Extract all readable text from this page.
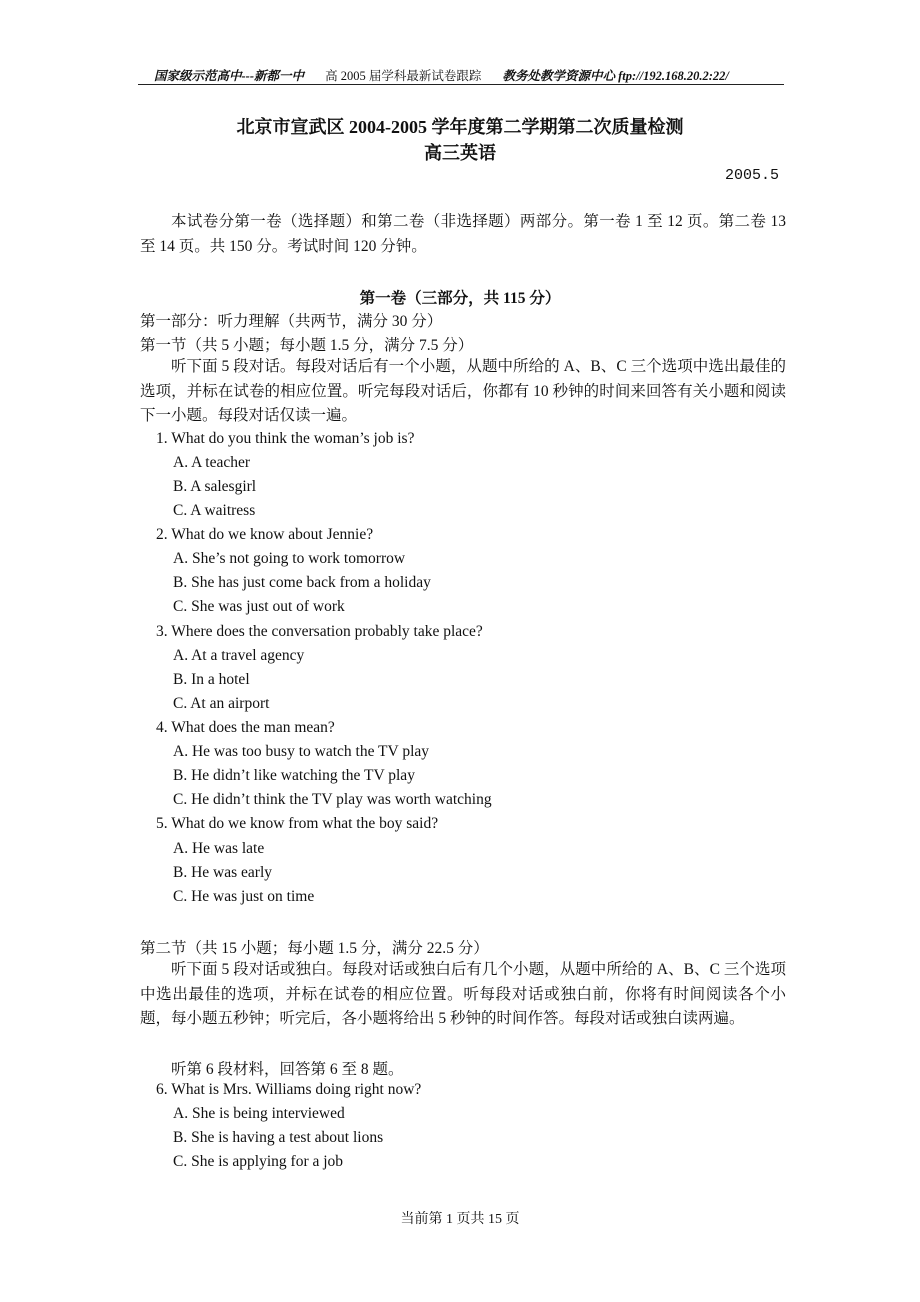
国家级示范高中---新都一中 高 2005 届学科最新试卷跟踪 教务处教学资源中心 ftp://192.168.20.2:22/
北京市宣武区 2004-2005 学年度第二学期第二次质量检测
高三英语
2005.5
本试卷分第一卷（选择题）和第二卷（非选择题）两部分。第一卷 1 至 12 页。第二卷 13 至 14 页。共 150 分。考试时间 120 分钟。
第一卷（三部分，共 115 分）
第一部分：听力理解（共两节，满分 30 分）
第一节（共 5 小题；每小题 1.5 分，满分 7.5 分）
听下面 5 段对话。每段对话后有一个小题，从题中所给的 A、B、C 三个选项中选出最佳的选项，并标在试卷的相应位置。听完每段对话后，你都有 10 秒钟的时间来回答有关小题和阅读下一小题。每段对话仅读一遍。
1. What do you think the woman’s job is?
A. A teacher
B. A salesgirl
C. A waitress
2. What do we know about Jennie?
A. She’s not going to work tomorrow
B. She has just come back from a holiday
C. She was just out of work
3. Where does the conversation probably take place?
A. At a travel agency
B. In a hotel
C. At an airport
4. What does the man mean?
A. He was too busy to watch the TV play
B. He didn’t like watching the TV play
C. He didn’t think the TV play was worth watching
5. What do we know from what the boy said?
A. He was late
B. He was early
C. He was just on time
第二节（共 15 小题；每小题 1.5 分，满分 22.5 分）
听下面 5 段对话或独白。每段对话或独白后有几个小题，从题中所给的 A、B、C 三个选项中选出最佳的选项，并标在试卷的相应位置。听每段对话或独白前，你将有时间阅读各个小题，每小题五秒钟；听完后，各小题将给出 5 秒钟的时间作答。每段对话或独白读两遍。
听第 6 段材料，回答第 6 至 8 题。
6. What is Mrs. Williams doing right now?
A. She is being interviewed
B. She is having a test about lions
C. She is applying for a job
当前第 1 页共 15 页
